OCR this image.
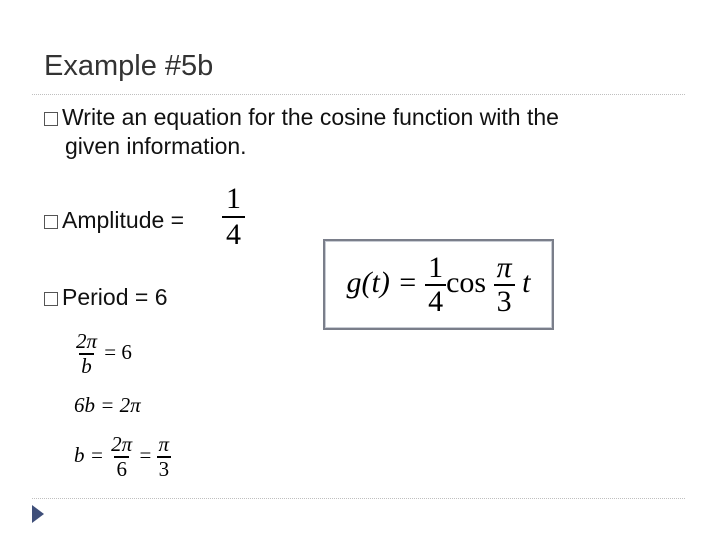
Example #5b
Write an equation for the cosine function with the
given information.
Amplitude = $\frac{1}{4}$
Period = 6	$g(t) = \frac{1}{4}$ $\cos \frac{\pi}{3}$ t
$\frac{2\pi}{b} = 6$
6b = 2π
$b = \frac{2\pi}{6} = \frac{\pi}{3}$
